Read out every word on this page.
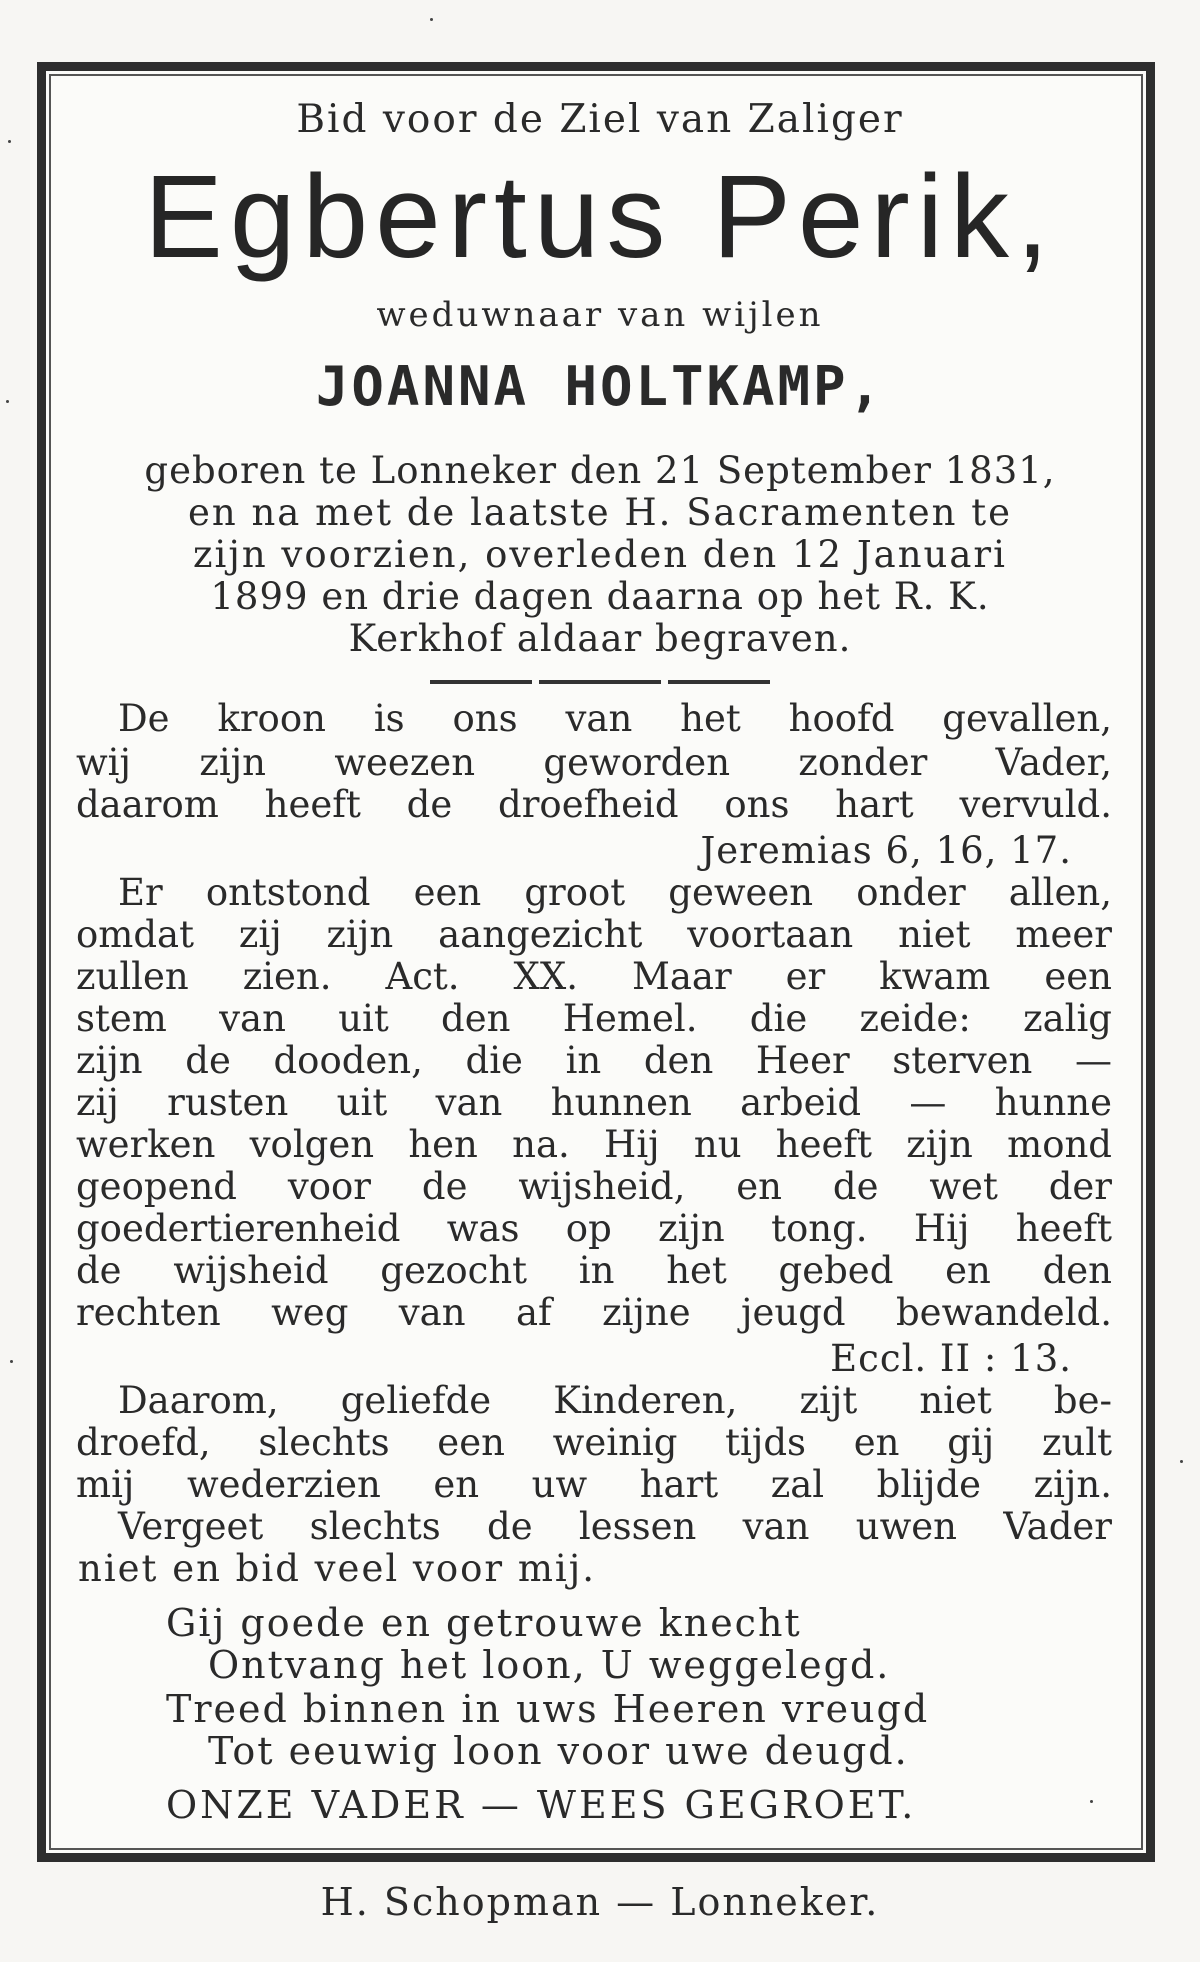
Bid voor de Ziel van Zaliger
Egbertus Perik,
weduwnaar van wijlen
JOANNA HOLTKAMP,
geboren te Lonneker den 21 September 1831,
en na met de laatste H. Sacramenten te
zijn voorzien, overleden den 12 Januari
1899 en drie dagen daarna op het R. K.
Kerkhof aldaar begraven.
De kroon is ons van het hoofd gevallen,
wij zijn weezen geworden zonder Vader,
daarom heeft de droefheid ons hart vervuld.
Jeremias 6, 16, 17.
Er ontstond een groot geween onder allen,
omdat zij zijn aangezicht voortaan niet meer
zullen zien. Act. XX. Maar er kwam een
stem van uit den Hemel. die zeide: zalig
zijn de dooden, die in den Heer sterven —
zij rusten uit van hunnen arbeid — hunne
werken volgen hen na. Hij nu heeft zijn mond
geopend voor de wijsheid, en de wet der
goedertierenheid was op zijn tong. Hij heeft
de wijsheid gezocht in het gebed en den
rechten weg van af zijne jeugd bewandeld.
Eccl. II : 13.
Daarom, geliefde Kinderen, zijt niet be-
droefd, slechts een weinig tijds en gij zult
mij wederzien en uw hart zal blijde zijn.
Vergeet slechts de lessen van uwen Vader
niet en bid veel voor mij.
Gij goede en getrouwe knecht
Ontvang het loon, U weggelegd.
Treed binnen in uws Heeren vreugd
Tot eeuwig loon voor uwe deugd.
ONZE VADER — WEES GEGROET.
H. Schopman — Lonneker.
